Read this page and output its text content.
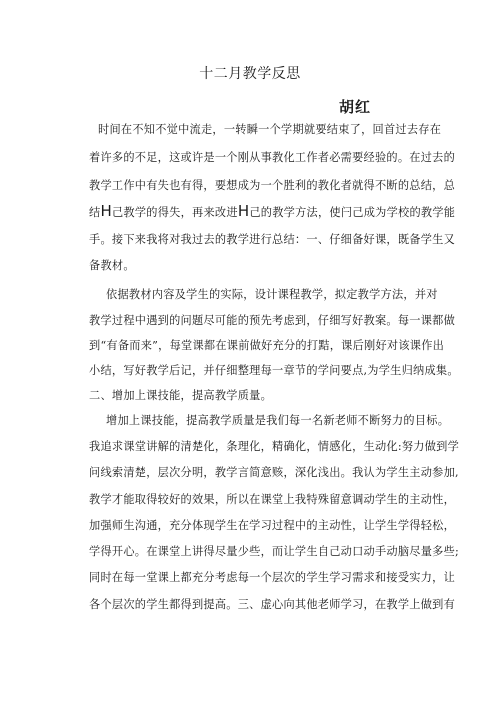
十二月教学反思
胡红
时间在不知不觉中流走，一转瞬一个学期就要结束了，回首过去存在
着许多的不足，这或许是一个刚从事教化工作者必需要经验的。在过去的
教学工作中有失也有得，要想成为一个胜利的教化者就得不断的总结，总
结H己教学的得失，再来改进H己的教学方法，使闩己成为学校的教学能
手。接下来我将对我过去的教学进行总结：一、仔细备好课，既备学生又
备教材。
依据教材内容及学生的实际，设计课程教学，拟定教学方法，并对
教学过程中遇到的问题尽可能的预先考虑到，仔细写好教案。每一课都做
到“有备而来”，每堂课都在课前做好充分的打黠，课后刚好对该课作出
小结，写好教学后记，并仔细整理每一章节的学问要点,为学生归纳成集。
二、增加上课技能，提高教学质量。
增加上课技能，提高教学质量是我们每一名新老师不断努力的目标。
我追求课堂讲解的清楚化，条理化，精确化，情感化，生动化:努力做到学
问线索清楚，层次分明，教学言简意赅，深化浅出。我认为学生主动参加,
教学才能取得较好的效果，所以在课堂上我特殊留意调动学生的主动性，
加强师生沟通，充分体现学生在学习过程中的主动性，让学生学得轻松，
学得开心。在课堂上讲得尽量少些，而让学生自己动口动手动脑尽量多些;
同时在每一堂课上都充分考虑每一个层次的学生学习需求和接受实力，让
各个层次的学生都得到提高。三、虚心向其他老师学习，在教学上做到有
